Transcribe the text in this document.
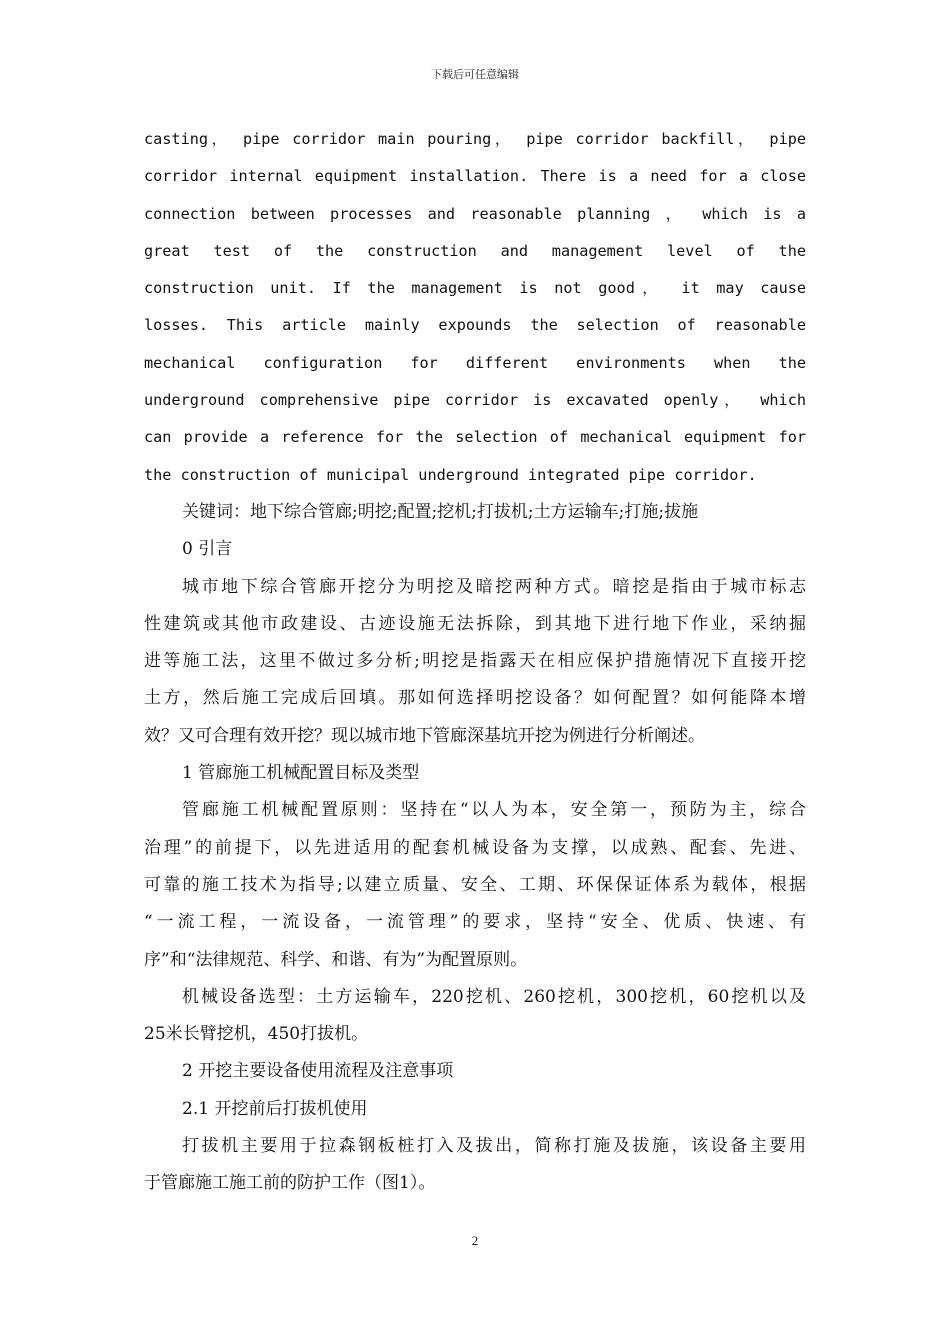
下载后可任意编辑
casting， pipe corridor main pouring， pipe corridor backfill， pipe
corridor internal equipment installation. There is a need for a close
connection between processes and reasonable planning ， which is a
great test of the construction and management level of the
construction unit. If the management is not good， it may cause
losses. This article mainly expounds the selection of reasonable
mechanical configuration for different environments when the
underground comprehensive pipe corridor is excavated openly， which
can provide a reference for the selection of mechanical equipment for
the construction of municipal underground integrated pipe corridor.
关键词：地下综合管廊;明挖;配置;挖机;打拔机;土方运输车;打施;拔施
0 引言
城市地下综合管廊开挖分为明挖及暗挖两种方式。暗挖是指由于城市标志
性建筑或其他市政建设、古迹设施无法拆除，到其地下进行地下作业，采纳掘
进等施工法，这里不做过多分析;明挖是指露天在相应保护措施情况下直接开挖
土方，然后施工完成后回填。那如何选择明挖设备？如何配置？如何能降本增
效？又可合理有效开挖？现以城市地下管廊深基坑开挖为例进行分析阐述。
1 管廊施工机械配置目标及类型
管廊施工机械配置原则：坚持在“以人为本，安全第一，预防为主，综合
治理”的前提下，以先进适用的配套机械设备为支撑，以成熟、配套、先进、
可靠的施工技术为指导;以建立质量、安全、工期、环保保证体系为载体，根据
“一流工程，一流设备，一流管理”的要求，坚持“安全、优质、快速、有
序”和“法律规范、科学、和谐、有为”为配置原则。
机械设备选型：土方运输车，220挖机、260挖机，300挖机，60挖机以及
25米长臂挖机，450打拔机。
2 开挖主要设备使用流程及注意事项
2.1 开挖前后打拔机使用
打拔机主要用于拉森钢板桩打入及拔出，简称打施及拔施，该设备主要用
于管廊施工施工前的防护工作（图1）。
2
